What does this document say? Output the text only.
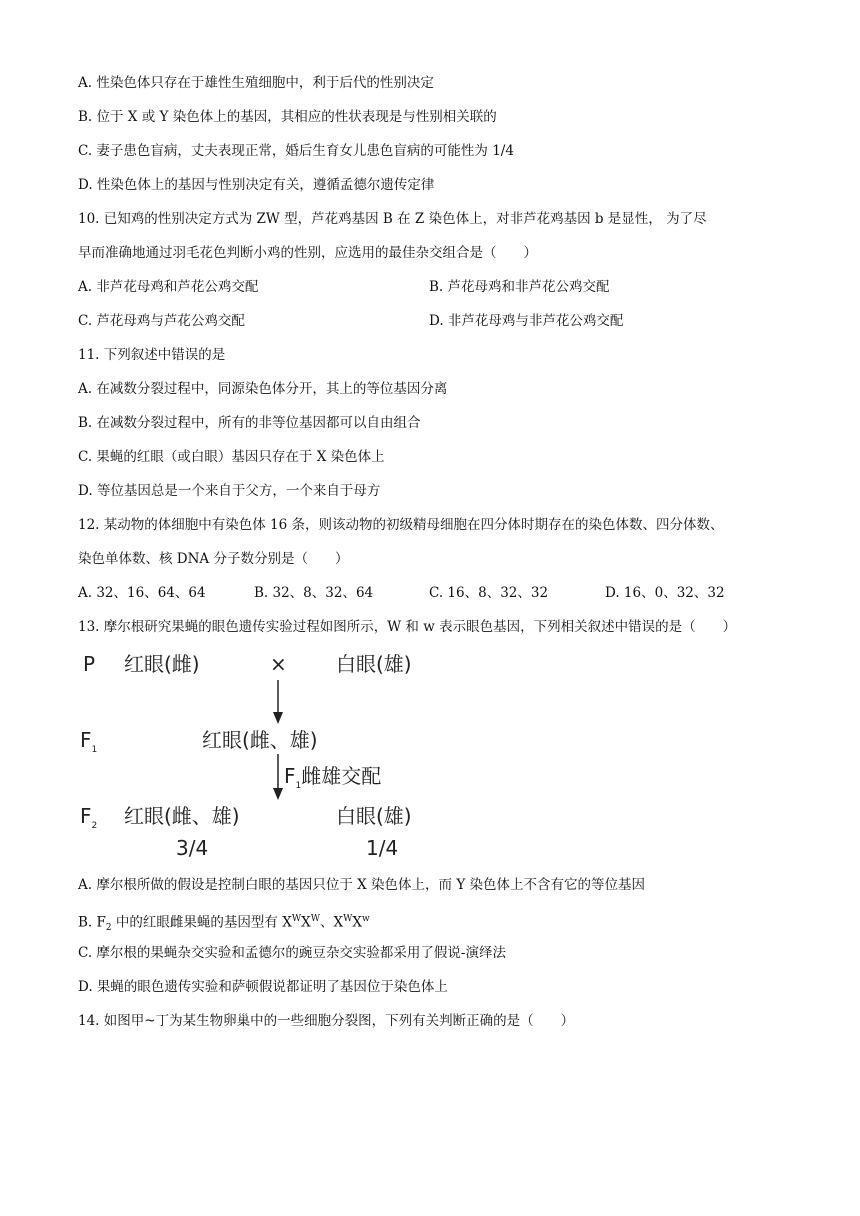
A. 性染色体只存在于雄性生殖细胞中，利于后代的性别决定
B. 位于 X 或 Y 染色体上的基因，其相应的性状表现是与性别相关联的
C. 妻子患色盲病，丈夫表现正常，婚后生育女儿患色盲病的可能性为 1/4
D. 性染色体上的基因与性别决定有关，遵循孟德尔遗传定律
10. 已知鸡的性别决定方式为 ZW 型，芦花鸡基因 B 在 Z 染色体上，对非芦花鸡基因 b 是显性， 为了尽
早而准确地通过羽毛花色判断小鸡的性别，应选用的最佳杂交组合是（　　）
A. 非芦花母鸡和芦花公鸡交配	B. 芦花母鸡和非芦花公鸡交配
C. 芦花母鸡与芦花公鸡交配	D. 非芦花母鸡与非芦花公鸡交配
11. 下列叙述中错误的是
A. 在减数分裂过程中，同源染色体分开，其上的等位基因分离
B. 在减数分裂过程中，所有的非等位基因都可以自由组合
C. 果蝇的红眼（或白眼）基因只存在于 X 染色体上
D. 等位基因总是一个来自于父方，一个来自于母方
12. 某动物的体细胞中有染色体 16 条，则该动物的初级精母细胞在四分体时期存在的染色体数、四分体数、
染色单体数、核 DNA 分子数分别是（　　）
A. 32、16、64、64	B. 32、8、32、64	C. 16、8、32、32	D. 16、0、32、32
13. 摩尔根研究果蝇的眼色遗传实验过程如图所示，W 和 w 表示眼色基因，下列相关叙述中错误的是（　　）
P 红眼(雌)	× 白眼(雄)
$F_1$	红眼(雌、雄)
$F_1$雌雄交配
$F_2$ 红眼(雌、雄)	白眼(雄)
3/4	1/4
A. 摩尔根所做的假设是控制白眼的基因只位于 X 染色体上，而 Y 染色体上不含有它的等位基因
B. $F_2$ 中的红眼雌果蝇的基因型有 $X^WX^W$、$X^WX^w$
C. 摩尔根的果蝇杂交实验和孟德尔的豌豆杂交实验都采用了假说-演绎法
D. 果蝇的眼色遗传实验和萨顿假说都证明了基因位于染色体上
14. 如图甲~丁为某生物卵巢中的一些细胞分裂图，下列有关判断正确的是（　　）
